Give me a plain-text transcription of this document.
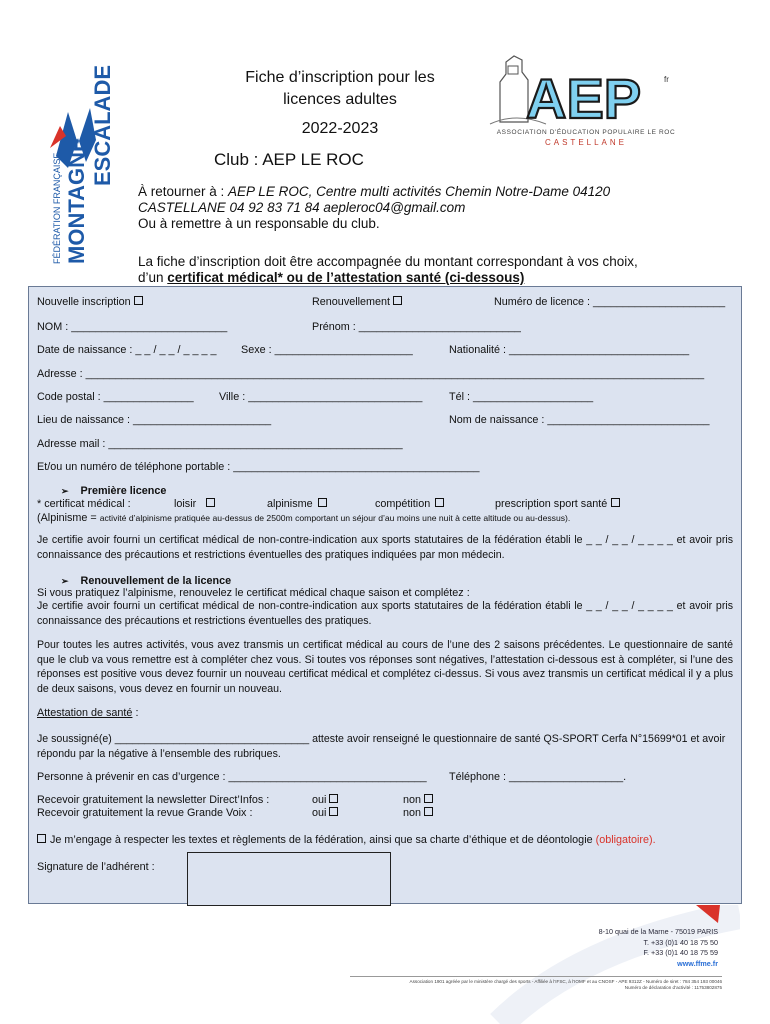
FÉDÉRATION FRANÇAISE MONTAGNE
ESCALADE	Fiche d’inscription pour les
licences adultes
2022-2023
Club : AEP LE ROC
AEP	fr
ASSOCIATION D'ÉDUCATION POPULAIRE LE ROC
CASTELLANE
À retourner à : AEP LE ROC, Centre multi activités Chemin Notre-Dame 04120
CASTELLANE 04 92 83 71 84 aepleroc04@gmail.com
Ou à remettre à un responsable du club.
La fiche d’inscription doit être accompagnée du montant correspondant à vos choix,
d’un certificat médical* ou de l’attestation santé (ci-dessous)
Nouvelle inscription	Renouvellement	Numéro de licence : ______________________
NOM : __________________________	Prénom : ___________________________
Date de naissance : _ _ / _ _ / _ _ _ _ Sexe : _______________________	Nationalité : ______________________________
Adresse : _______________________________________________________________________________________________________
Code postal : _______________ Ville : _____________________________ Tél : ____________________
Lieu de naissance : _______________________	Nom de naissance : ___________________________
Adresse mail : _________________________________________________
Et/ou un numéro de téléphone portable : _________________________________________
➢ Première licence
* certificat médical :	loisir	alpinisme	compétition	prescription sport santé
(Alpinisme = activité d’alpinisme pratiquée au-dessus de 2500m comportant un séjour d’au moins une nuit à cette altitude ou au-dessus).
Je certifie avoir fourni un certificat médical de non-contre-indication aux sports statutaires de la fédération établi le _ _ / _ _ / _ _ _ _ et avoir pris connaissance des précautions et restrictions éventuelles des pratiques indiquées par mon médecin.
➢ Renouvellement de la licence
Si vous pratiquez l’alpinisme, renouvelez le certificat médical chaque saison et complétez :
Je certifie avoir fourni un certificat médical de non-contre-indication aux sports statutaires de la fédération établi le _ _ / _ _ / _ _ _ _ et avoir pris connaissance des précautions et restrictions éventuelles des pratiques.
Pour toutes les autres activités, vous avez transmis un certificat médical au cours de l’une des 2 saisons précédentes. Le questionnaire de santé que le club va vous remettre est à compléter chez vous. Si toutes vos réponses sont négatives, l’attestation ci-dessous est à compléter, si l’une des réponses est positive vous devez fournir un nouveau certificat médical et complétez ci-dessus. Si vous avez transmis un certificat médical il y a plus de deux saisons, vous devez en fournir un nouveau.
Attestation de santé :
Je soussigné(e) _________________________________ atteste avoir renseigné le questionnaire de santé QS-SPORT Cerfa N°15699*01 et avoir répondu par la négative à l’ensemble des rubriques.
Personne à prévenir en cas d’urgence : _________________________________ Téléphone : ___________________.
Recevoir gratuitement la newsletter Direct’Infos :	oui	non
Recevoir gratuitement la revue Grande Voix :	oui	non
Je m’engage à respecter les textes et règlements de la fédération, ainsi que sa charte d’éthique et de déontologie (obligatoire).
Signature de l’adhérent :
8-10 quai de la Marne - 75019 PARIS
T. +33 (0)1 40 18 75 50
F. +33 (0)1 40 18 75 59
www.ffme.fr
Association 1901 agréée par le ministère chargé des sports - Affiliée à l’IFSC, à l’IOMF et au CNOSF - APE 9312Z - Numéro de siret : 784 354 193 00046
Numéro de déclaration d’activité : 11753802875
